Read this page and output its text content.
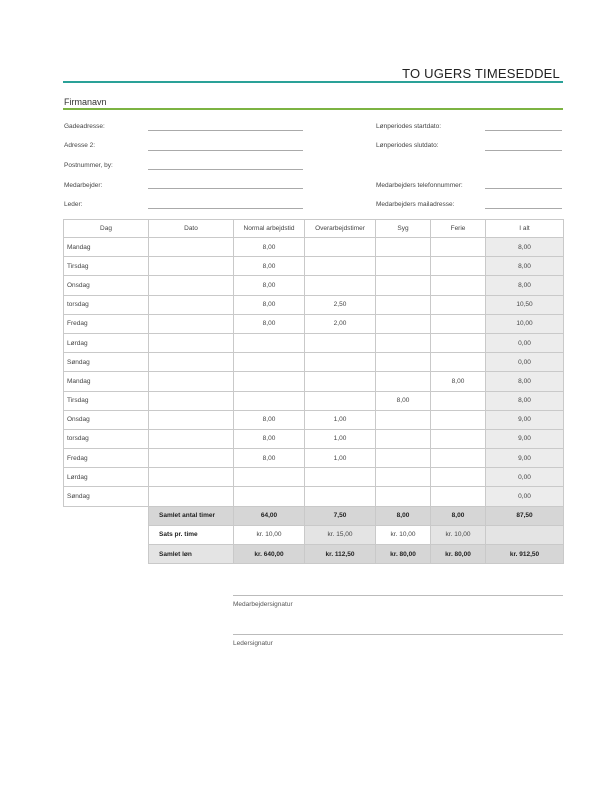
TO UGERS TIMESEDDEL
Firmanavn
Gadeadresse:
Adresse 2:
Postnummer, by:
Medarbejder:
Leder:
Lønperiodes startdato:
Lønperiodes slutdato:
Medarbejders telefonnummer:
Medarbejders mailadresse:
Dag	Dato	Normal arbejdstid	Overarbejdstimer	Syg	Ferie	I alt
Mandag		8,00				8,00
Tirsdag		8,00				8,00
Onsdag		8,00				8,00
torsdag		8,00	2,50			10,50
Fredag		8,00	2,00			10,00
Lørdag						0,00
Søndag						0,00
Mandag					8,00	8,00
Tirsdag				8,00		8,00
Onsdag		8,00	1,00			9,00
torsdag		8,00	1,00			9,00
Fredag		8,00	1,00			9,00
Lørdag						0,00
Søndag						0,00
	Samlet antal timer	64,00	7,50	8,00	8,00	87,50
	Sats pr. time	kr. 10,00	kr. 15,00	kr. 10,00	kr. 10,00	
	Samlet løn	kr. 640,00	kr. 112,50	kr. 80,00	kr. 80,00	kr. 912,50
Medarbejdersignatur
Ledersignatur
